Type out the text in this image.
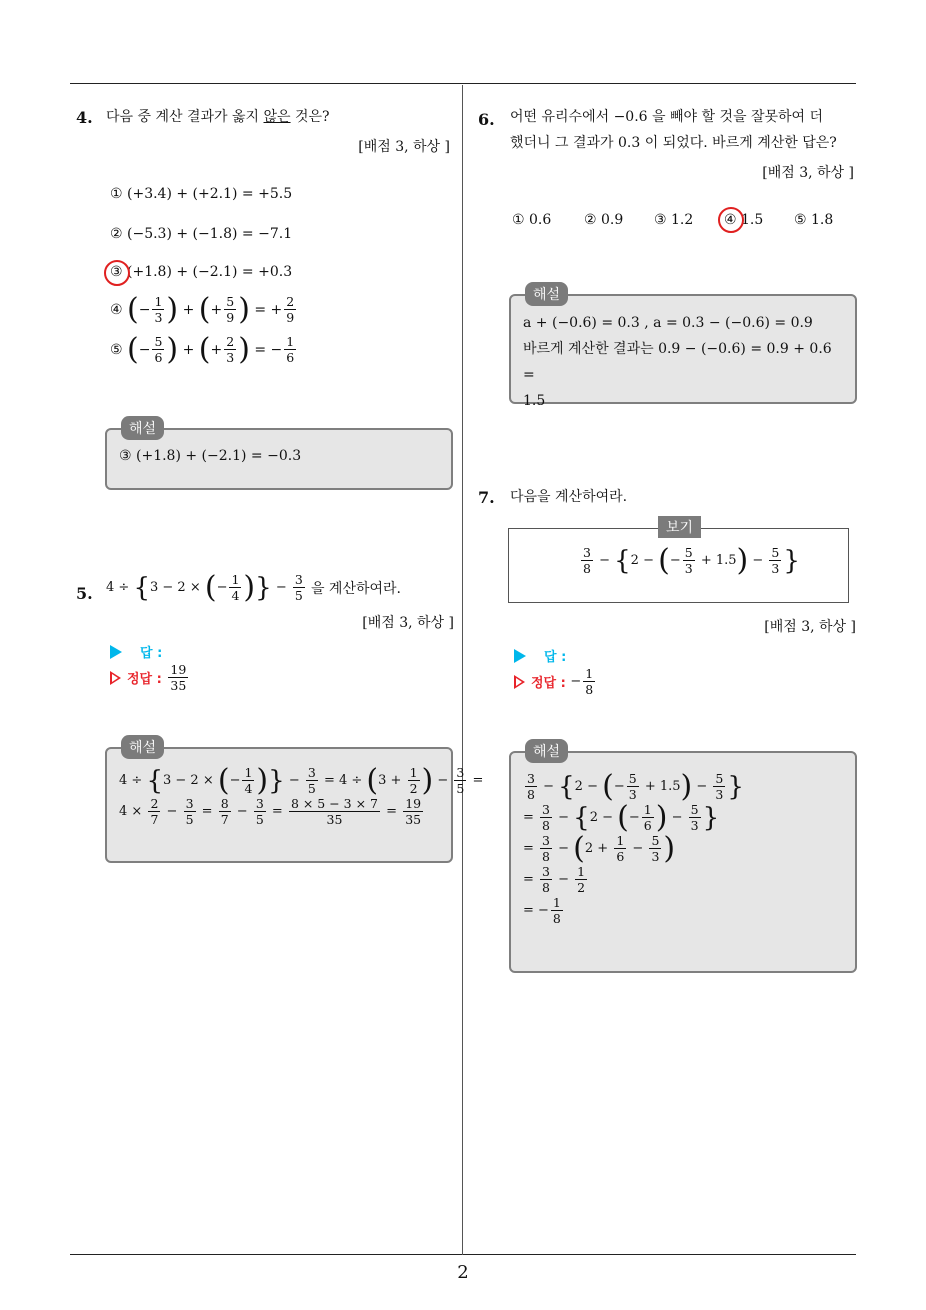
2
4. 다음 중 계산 결과가 옳지 않은 것은?
[배점 3, 하상 ]
① (+3.4) + (+2.1) = +5.5
② (−5.3) + (−1.8) = −7.1
③ (+1.8) + (−2.1) = +0.3
④
( − $\frac{1}{3}$ ) + ( + $\frac{5}{9}$ ) = + $\frac{2}{9}$
⑤
( − $\frac{5}{6}$ ) + ( + $\frac{2}{3}$ ) = − $\frac{1}{6}$
해설
③ (+1.8) + (−2.1) = −0.3
5. 4 ÷ { 3 − 2 × ( − $\frac{1}{4}$ ) } − $\frac{3}{5}$
을 계산하여라.
[배점 3, 하상 ]
답 :
정답 :
$\frac{19}{35}$
해설
4 ÷ { 3 − 2 × ( − $\frac{1}{4}$ ) } − $\frac{3}{5} = 4$ ÷ ( $3 + \frac{1}{2}$ ) − $\frac{3}{5}$ =
$4 \times \frac{2}{7} - \frac{3}{5} = \frac{8}{7} - \frac{3}{5} = \frac{8 \times 5 - 3 \times 7}{35} = \frac{19}{35}$
6. 어떤 유리수에서 −0.6 을 빼야 할 것을 잘못하여 더
했더니 그 결과가 0.3 이 되었다. 바르게 계산한 답은?
[배점 3, 하상 ]
① 0.6 ② 0.9 ③ 1.2 ④ 1.5 ⑤ 1.8
해설
a + (−0.6) = 0.3 , a = 0.3 − (−0.6) = 0.9
바르게 계산한 결과는 0.9 − (−0.6) = 0.9 + 0.6 =
1.5
7. 다음을 계산하여라.
$\frac{3}{8}$ − { 2 − ( − $\frac{5}{3} + 1.5$ ) − $\frac{5}{3}$ }
보기
[배점 3, 하상 ]
답 :
정답 :
− $\frac{1}{8}$
해설
$\frac{3}{8}$ − { 2 − ( − $\frac{5}{3} + 1.5$ ) − $\frac{5}{3}$ }
= $\frac{3}{8}$ − { 2 − ( − $\frac{1}{6}$ ) − $\frac{5}{3}$ }
= $\frac{3}{8}$ − ( $2 + \frac{1}{6} - \frac{5}{3}$ )
= $\frac{3}{8} - \frac{1}{2}$
= − $\frac{1}{8}$
